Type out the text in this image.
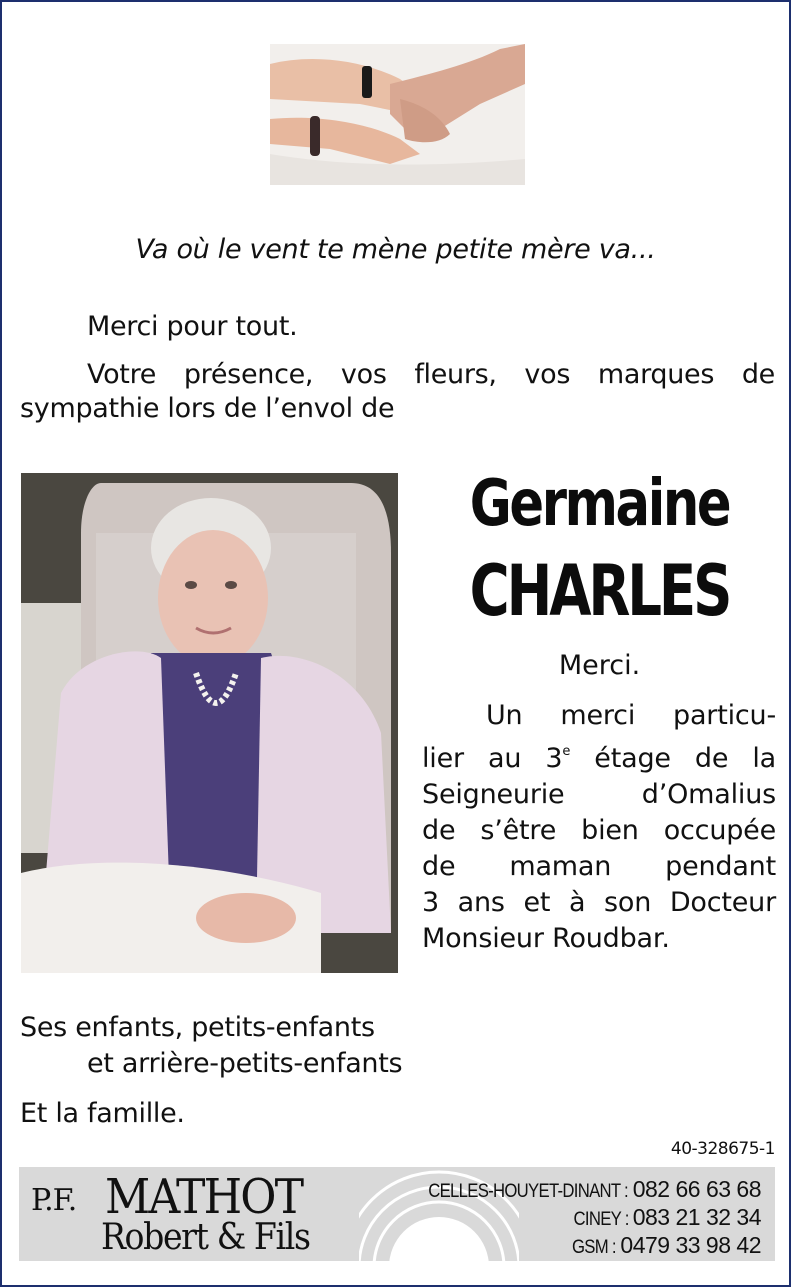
Va où le vent te mène petite mère va...
Merci pour tout.
Votre présence, vos fleurs, vos marques de sympathie lors de l’envol de
Germaine
CHARLES
Merci.
Un merci particu-
lier au 3e étage de la
Seigneurie d’Omalius
de s’être bien occupée
de maman pendant
3 ans et à son Docteur
Monsieur Roudbar.
Ses enfants, petits-enfants
et arrière-petits-enfants
Et la famille.
40-328675-1
P.F. MATHOT
Robert & Fils
CELLES-HOUYET-DINANT : 082 66 63 68
CINEY : 083 21 32 34
GSM : 0479 33 98 42
